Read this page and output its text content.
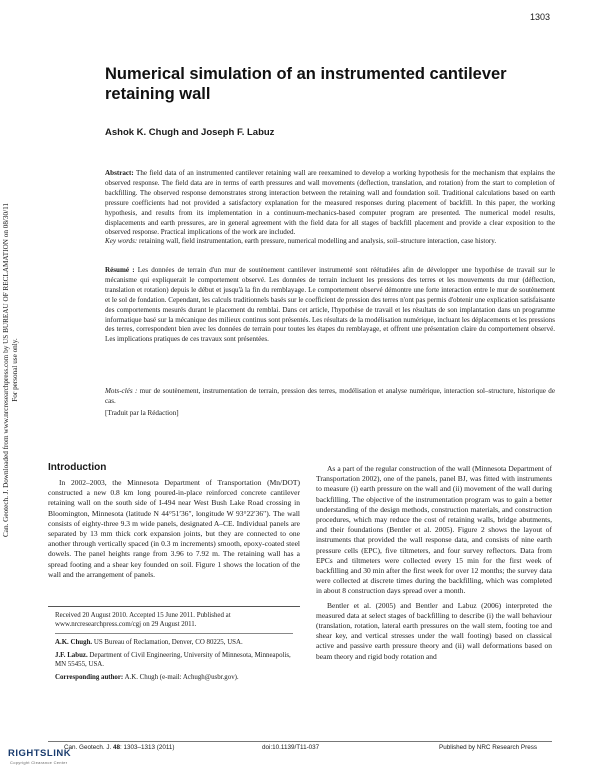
1303
Numerical simulation of an instrumented cantilever retaining wall
Ashok K. Chugh and Joseph F. Labuz
Abstract: The field data of an instrumented cantilever retaining wall are reexamined to develop a working hypothesis for the mechanism that explains the observed response. The field data are in terms of earth pressures and wall movements (deflection, translation, and rotation) from the start to completion of backfilling. The observed response demonstrates strong interaction between the retaining wall and foundation soil. Traditional calculations based on earth pressure coefficients had not provided a satisfactory explanation for the measured responses during placement of backfill. In this paper, the working hypothesis, and results from its implementation in a continuum-mechanics-based computer program are presented. The numerical model results, displacements and earth pressures, are in general agreement with the field data for all stages of backfill placement and provide a clear exposition to the observed response. Practical implications of the work are included.
Key words: retaining wall, field instrumentation, earth pressure, numerical modelling and analysis, soil–structure interaction, case history.
Résumé : Les données de terrain d'un mur de soutènement cantilever instrumenté sont réétudiées afin de développer une hypothèse de travail sur le mécanisme qui expliquerait le comportement observé. Les données de terrain incluent les pressions des terres et les mouvements du mur (déflection, translation et rotation) depuis le début et jusqu'à la fin du remblayage. Le comportement observé démontre une forte interaction entre le mur de soutènement et le sol de fondation. Cependant, les calculs traditionnels basés sur le coefficient de pression des terres n'ont pas permis d'obtenir une explication satisfaisante des comportements mesurés durant le placement du remblai. Dans cet article, l'hypothèse de travail et les résultats de son implantation dans un programme informatique basé sur la mécanique des milieux continus sont présentés. Les résultats de la modélisation numérique, incluant les déplacements et les pressions des terres, correspondent bien avec les données de terrain pour toutes les étapes du remblayage, et offrent une présentation claire du comportement observé. Les implications pratiques de ces travaux sont présentées.
Mots-clés : mur de soutènement, instrumentation de terrain, pression des terres, modélisation et analyse numérique, interaction sol–structure, historique de cas.
[Traduit par la Rédaction]
Can. Geotech. J. Downloaded from www.nrcresearchpress.com by US BUREAU OF RECLAMATION on 08/30/11 For personal use only.
Introduction

In 2002–2003, the Minnesota Department of Transportation (Mn/DOT) constructed a new 0.8 km long poured-in-place reinforced concrete cantilever retaining wall on the south side of I-494 near West Bush Lake Road crossing in Bloomington, Minnesota (latitude N 44°51′36″, longitude W 93°22′36″). The wall consists of eighty-three 9.3 m wide panels, designated A–CE. Individual panels are separated by 13 mm thick cork expansion joints, but they are connected to one another through vertically spaced (in 0.3 m increments) smooth, epoxy-coated steel dowels. The panel heights range from 3.96 to 7.92 m. The retaining wall has a spread footing and a shear key founded on soil. Figure 1 shows the location of the wall and the arrangement of panels.

As a part of the regular construction of the wall (Minnesota Department of Transportation 2002), one of the panels, panel BJ, was fitted with instruments to measure (i) earth pressure on the wall and (ii) movement of the wall during backfilling. The objective of the instrumentation program was to gain a better understanding of the design methods, construction materials, and construction procedures, which may reduce the cost of retaining walls, bridge abutments, and their foundations (Bentler et al. 2005). Figure 2 shows the layout of instruments that provided the wall response data, and consists of nine earth pressure cells (EPC), five tiltmeters, and four survey reflectors. Data from EPCs and tiltmeters were collected every 15 min for the first week of backfilling and 30 min after the first week for over 12 months; the survey data were collected at discrete times during the backfilling, which was completed in about 8 construction days spread over a month.

Bentler et al. (2005) and Bentler and Labuz (2006) interpreted the measured data at select stages of backfilling to describe (i) the wall behaviour (translation, rotation, lateral earth pressures on the wall stem, footing toe and shear key, and vertical stresses under the wall footing) based on classical active and passive earth pressure theory and (ii) wall deformations based on beam theory and rigid body rotation and

Received 20 August 2010. Accepted 15 June 2011. Published at www.nrcresearchpress.com/cgj on 29 August 2011.

A.K. Chugh. US Bureau of Reclamation, Denver, CO 80225, USA.

J.F. Labuz. Department of Civil Engineering, University of Minnesota, Minneapolis, MN 55455, USA.

Corresponding author: A.K. Chugh (e-mail: Achugh@usbr.gov).

Can. Geotech. J. 48: 1303–1313 (2011)	doi:10.1139/T11-037	Published by NRC Research Press
RIGHTSLINK
Copyright Clearance Center
